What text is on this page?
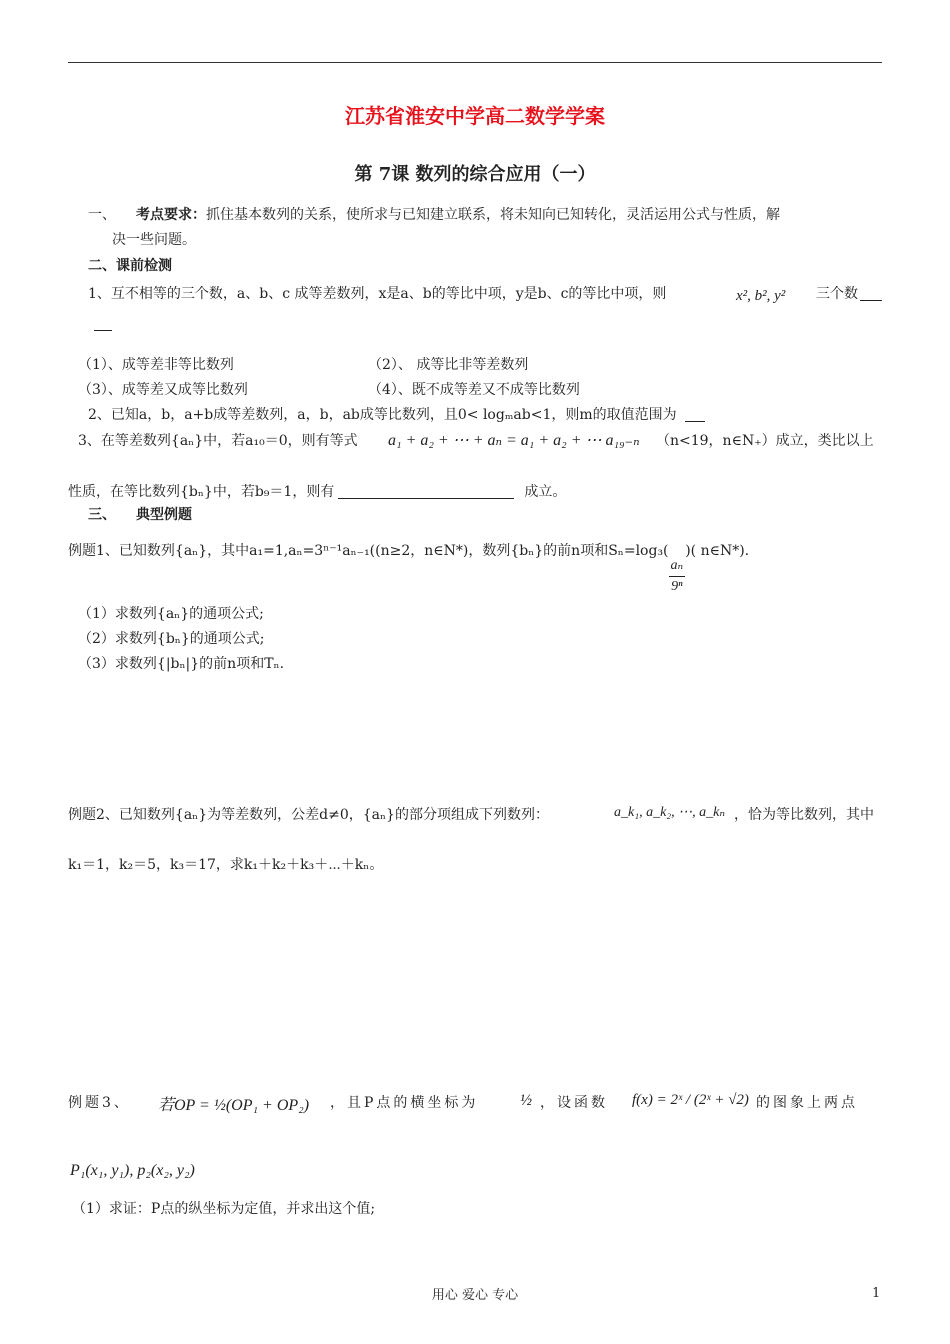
江苏省淮安中学高二数学学案
第 7课 数列的综合应用（一）
一、 考点要求：抓住基本数列的关系，使所求与已知建立联系，将未知向已知转化，灵活运用公式与性质，解
决一些问题。
二、课前检测
1、互不相等的三个数，a、b、c 成等差数列，x是a、b的等比中项，y是b、c的等比中项，则	x², b², y² 三个数
（1）、成等差非等比数列	（2）、 成等比非等差数列
（3）、成等差又成等比数列	（4）、既不成等差又不成等比数列
2、已知a，b，a+b成等差数列，a，b，ab成等比数列，且0< logₘab<1，则m的取值范围为
3、在等差数列{aₙ}中，若a₁₀＝0，则有等式 a₁ + a₂ + ⋯ + aₙ = a₁ + a₂ + ⋯ a₁₉₋ₙ （n<19，n∈N₊）成立，类比以上
性质，在等比数列{bₙ}中，若b₉＝1，则有	成立。
三、 典型例题
例题1、已知数列{aₙ}，其中a₁=1,aₙ=3ⁿ⁻¹aₙ₋₁((n≥2，n∈N*)，数列{bₙ}的前n项和Sₙ=log₃(
$\frac{\text{aₙ}}{\text{9ⁿ}}$
)( n∈N*).
（1）求数列{aₙ}的通项公式;
（2）求数列{bₙ}的通项公式;
（3）求数列{|bₙ|}的前n项和Tₙ.
例题2、已知数列{aₙ}为等差数列，公差d≠0，{aₙ}的部分项组成下列数列：	a_k₁, a_k₂, ⋯, a_kₙ ，恰为等比数列，其中
k₁＝1，k₂＝5，k₃＝17，求k₁＋k₂＋k₃＋⋯＋kₙ。
例题3、 若OP = ½(OP₁ + OP₂) ，且P点的横坐标为	½ ，设函数 f(x) = 2ˣ / (2ˣ + √2) 的图象上两点
P₁(x₁, y₁), p₂(x₂, y₂)
（1）求证：P点的纵坐标为定值，并求出这个值;
用心 爱心 专心	1
